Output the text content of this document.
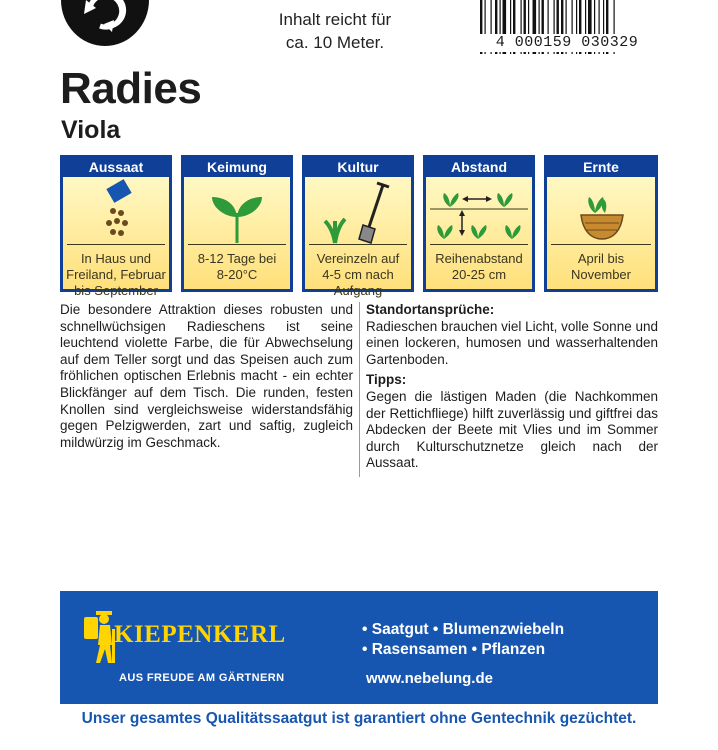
Inhalt reicht für
ca. 10 Meter.	4 000159 030329
Radies
Viola
Aussaat
In Haus und
Freiland, Februar
bis September
Keimung
8-12 Tage bei
8-20°C
Kultur
Vereinzeln auf
4-5 cm nach
Aufgang
Abstand
Reihenabstand
20-25 cm
Ernte
April bis
November
Die besondere Attraktion dieses robusten und schnellwüchsigen Radieschens ist seine leuchtend violette Farbe, die für Abwechselung auf dem Teller sorgt und das Speisen auch zum fröhlichen optischen Erlebnis macht - ein echter Blickfänger auf dem Tisch. Die runden, festen Knollen sind vergleichsweise widerstandsfähig gegen Pelzigwerden, zart und saftig, zugleich mildwürzig im Geschmack.
Standortansprüche:

Radieschen brauchen viel Licht, volle Sonne und einen lockeren, humosen und wasserhaltenden Gartenboden.

Tipps:

Gegen die lästigen Maden (die Nachkommen der Rettichfliege) hilft zuverlässig und giftfrei das Abdecken der Beete mit Vlies und im Sommer durch Kulturschutznetze gleich nach der Aussaat.

KIEPENKERL
AUS FREUDE AM GÄRTNERN
• Saatgut • Blumenzwiebeln
• Rasensamen • Pflanzen
www.nebelung.de
Unser gesamtes Qualitätssaatgut ist garantiert ohne Gentechnik gezüchtet.
